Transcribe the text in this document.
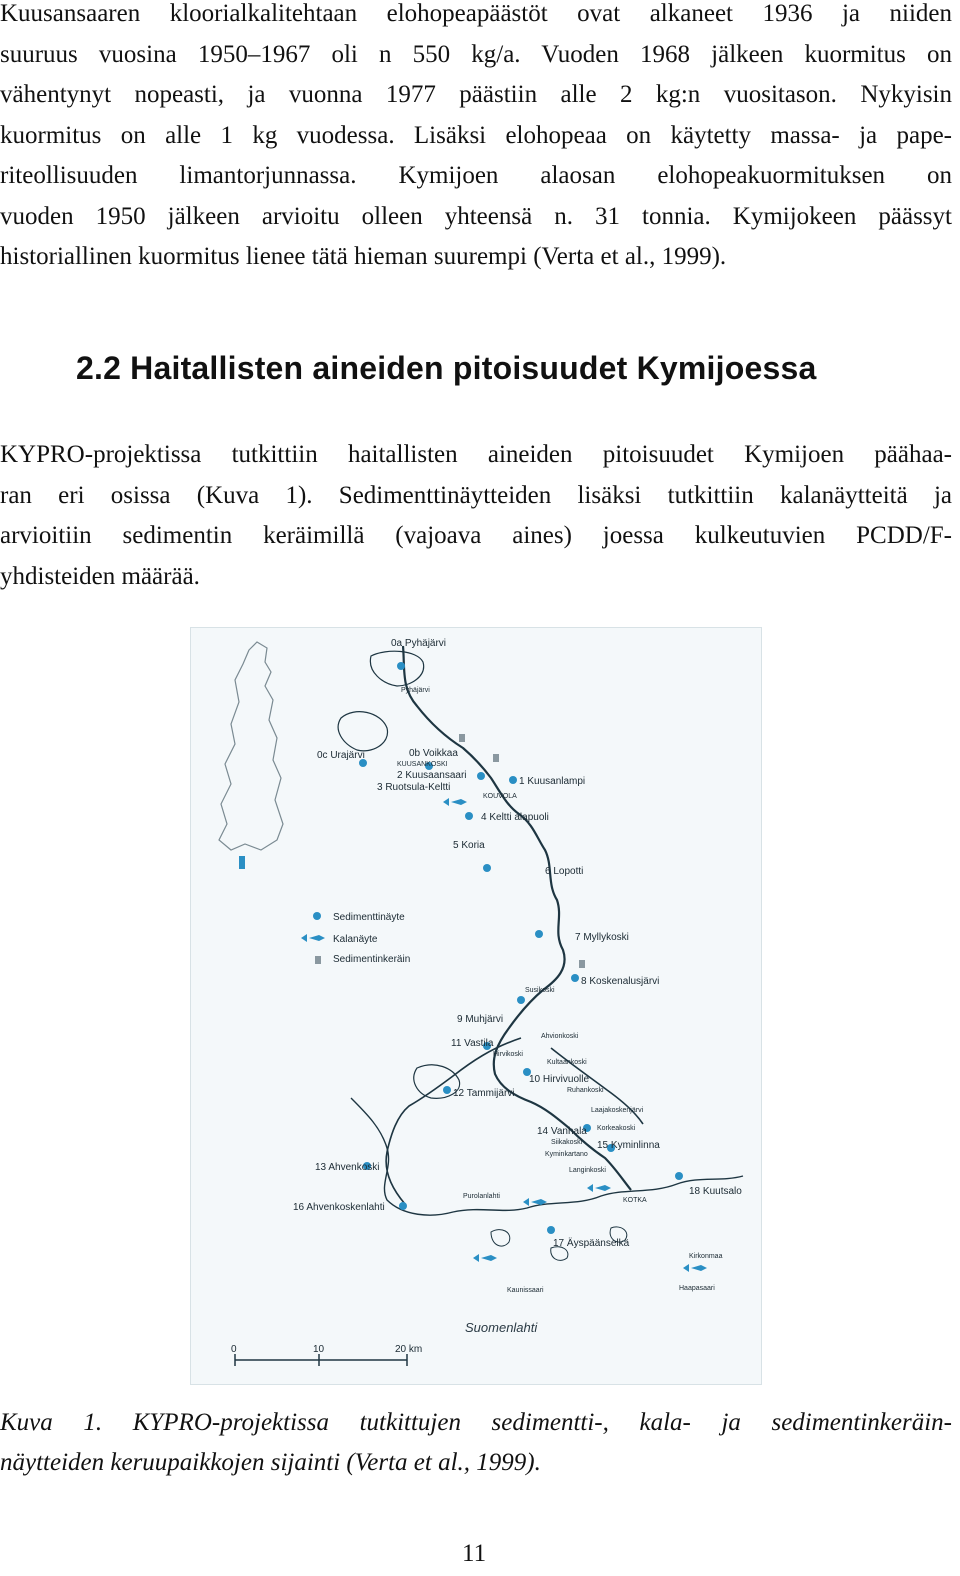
Kuusansaaren kloorialkalitehtaan elohopeapäästöt ovat alkaneet 1936 ja niiden
suuruus vuosina 1950–1967 oli n 550 kg/a. Vuoden 1968 jälkeen kuormitus on
vähentynyt nopeasti, ja vuonna 1977 päästiin alle 2 kg:n vuositason. Nykyisin
kuormitus on alle 1 kg vuodessa. Lisäksi elohopeaa on käytetty massa- ja pape-
riteollisuuden limantorjunnassa. Kymijoen alaosan elohopeakuormituksen on
vuoden 1950 jälkeen arvioitu olleen yhteensä n. 31 tonnia. Kymijokeen päässyt
historiallinen kuormitus lienee tätä hieman suurempi (Verta et al., 1999).
2.2 Haitallisten aineiden pitoisuudet Kymijoessa
KYPRO-projektissa tutkittiin haitallisten aineiden pitoisuudet Kymijoen päähaa-
ran eri osissa (Kuva 1). Sedimenttinäytteiden lisäksi tutkittiin kalanäytteitä ja
arvioitiin sedimentin keräimillä (vajoava aines) joessa kulkeutuvien PCDD/F-
yhdisteiden määrää.
Sedimenttinäyte
Kalanäyte
Sedimentinkeräin
0a Pyhäjärvi
Pyhäjärvi
0c Urajärvi	0b Voikkaa
KUUSANKOSKI
2 Kuusaansaari
1 Kuusanlampi
3 Ruotsula-Keltti
KOUVOLA
4 Keltti alapuoli
5 Koria
6 Lopotti
7 Myllykoski
Susikoski
8 Koskenalusjärvi
9 Muhjärvi
Ahvionkoski
11 Vastila
Hirvikoski
Kultaankoski
10 Hirvivuolle
Ruhankoski
12 Tammijärvi
Laajakoskenjärvi
14 Vanhala Korkeakoski
Siikakoski
Kyminkartano
15 Kyminlinna
Langinkoski
13 Ahvenkoski
Purolanlahti
KOTKA
18 Kuutsalo
16 Ahvenkoskenlahti
17 Äyspäänselkä
Kirkonmaa
Kaunissaari	Haapasaari
Suomenlahti
0	10	20 km
Kuva 1. KYPRO-projektissa tutkittujen sedimentti-, kala- ja sedimentinkeräin-
näytteiden keruupaikkojen sijainti (Verta et al., 1999).
11
